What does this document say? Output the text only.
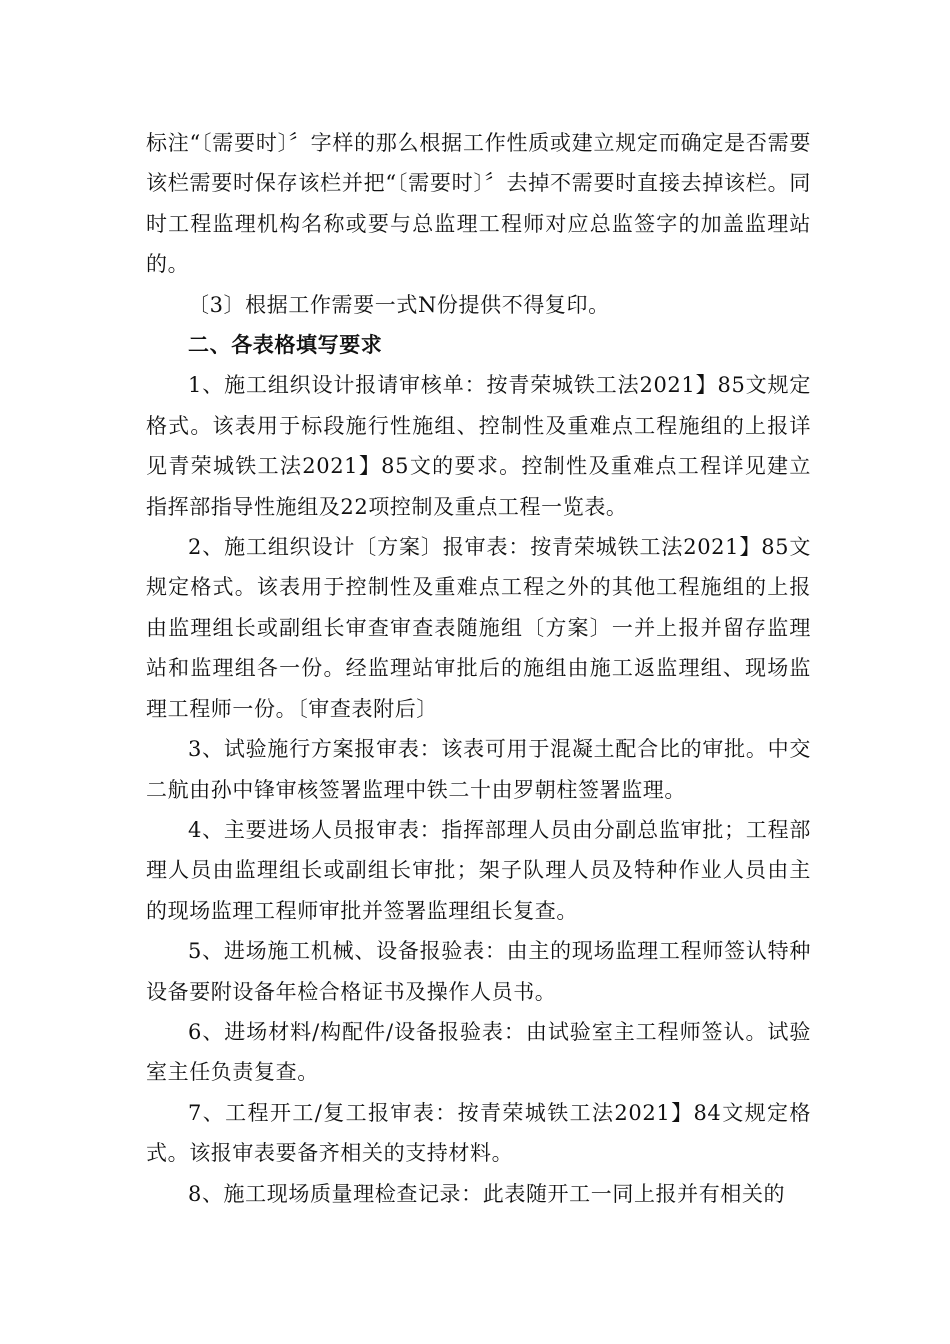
标注“〔需要时〕〞字样的那么根据工作性质或建立规定而确定是否需要该栏需要时保存该栏并把“〔需要时〕〞去掉不需要时直接去掉该栏。同时工程监理机构名称或要与总监理工程师对应总监签字的加盖监理站的。

〔3〕根据工作需要一式N份提供不得复印。

二、各表格填写要求

1、施工组织设计报请审核单：按青荣城铁工法2021】85文规定格式。该表用于标段施行性施组、控制性及重难点工程施组的上报详见青荣城铁工法2021】85文的要求。控制性及重难点工程详见建立指挥部指导性施组及22项控制及重点工程一览表。

2、施工组织设计〔方案〕报审表：按青荣城铁工法2021】85文规定格式。该表用于控制性及重难点工程之外的其他工程施组的上报由监理组长或副组长审查审查表随施组〔方案〕一并上报并留存监理站和监理组各一份。经监理站审批后的施组由施工返监理组、现场监理工程师一份。〔审查表附后〕

3、试验施行方案报审表：该表可用于混凝土配合比的审批。中交二航由孙中锋审核签署监理中铁二十由罗朝柱签署监理。

4、主要进场人员报审表：指挥部理人员由分副总监审批；工程部理人员由监理组长或副组长审批；架子队理人员及特种作业人员由主的现场监理工程师审批并签署监理组长复查。

5、进场施工机械、设备报验表：由主的现场监理工程师签认特种设备要附设备年检合格证书及操作人员书。

6、进场材料/构配件/设备报验表：由试验室主工程师签认。试验室主任负责复查。

7、工程开工/复工报审表：按青荣城铁工法2021】84文规定格式。该报审表要备齐相关的支持材料。

8、施工现场质量理检查记录：此表随开工一同上报并有相关的
